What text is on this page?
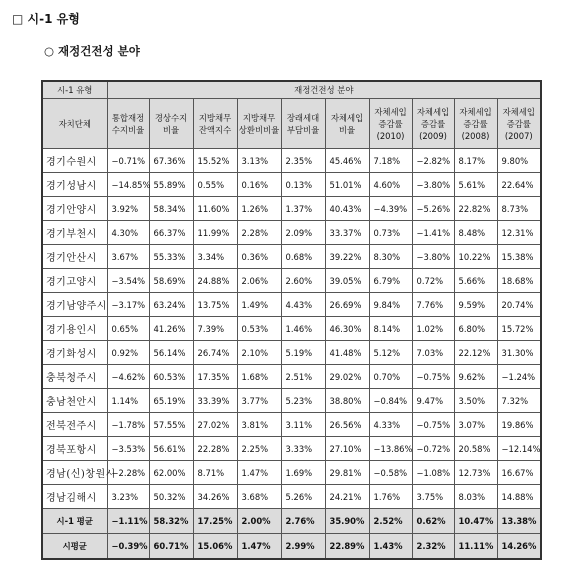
□ 시-1 유형
○ 재정건전성 분야
시-1 유형	재정건전성 분야									
자치단체	통합재정 수지비율	경상수지 비율	지방채무 잔액지수	지방채무 상환비비율	장래세대 부담비율	자체세입 비율	자체세입 증감률 (2010)	자체세입 증감률 (2009)	자체세입 증감률 (2008)	자체세입 증감률 (2007)
경기수원시	−0.71%	67.36%	15.52%	3.13%	2.35%	45.46%	7.18%	−2.82%	8.17%	9.80%
경기성남시	−14.85%	55.89%	0.55%	0.16%	0.13%	51.01%	4.60%	−3.80%	5.61%	22.64%
경기안양시	3.92%	58.34%	11.60%	1.26%	1.37%	40.43%	−4.39%	−5.26%	22.82%	8.73%
경기부천시	4.30%	66.37%	11.99%	2.28%	2.09%	33.37%	0.73%	−1.41%	8.48%	12.31%
경기안산시	3.67%	55.33%	3.34%	0.36%	0.68%	39.22%	8.30%	−3.80%	10.22%	15.38%
경기고양시	−3.54%	58.69%	24.88%	2.06%	2.60%	39.05%	6.79%	0.72%	5.66%	18.68%
경기남양주시	−3.17%	63.24%	13.75%	1.49%	4.43%	26.69%	9.84%	7.76%	9.59%	20.74%
경기용인시	0.65%	41.26%	7.39%	0.53%	1.46%	46.30%	8.14%	1.02%	6.80%	15.72%
경기화성시	0.92%	56.14%	26.74%	2.10%	5.19%	41.48%	5.12%	7.03%	22.12%	31.30%
충북청주시	−4.62%	60.53%	17.35%	1.68%	2.51%	29.02%	0.70%	−0.75%	9.62%	−1.24%
충남천안시	1.14%	65.19%	33.39%	3.77%	5.23%	38.80%	−0.84%	9.47%	3.50%	7.32%
전북전주시	−1.78%	57.55%	27.02%	3.81%	3.11%	26.56%	4.33%	−0.75%	3.07%	19.86%
경북포항시	−3.53%	56.61%	22.28%	2.25%	3.33%	27.10%	−13.86%	−0.72%	20.58%	−12.14%
경남(신)창원시	−2.28%	62.00%	8.71%	1.47%	1.69%	29.81%	−0.58%	−1.08%	12.73%	16.67%
경남김해시	3.23%	50.32%	34.26%	3.68%	5.26%	24.21%	1.76%	3.75%	8.03%	14.88%
시-1 평균	−1.11%	58.32%	17.25%	2.00%	2.76%	35.90%	2.52%	0.62%	10.47%	13.38%
시평균	−0.39%	60.71%	15.06%	1.47%	2.99%	22.89%	1.43%	2.32%	11.11%	14.26%
